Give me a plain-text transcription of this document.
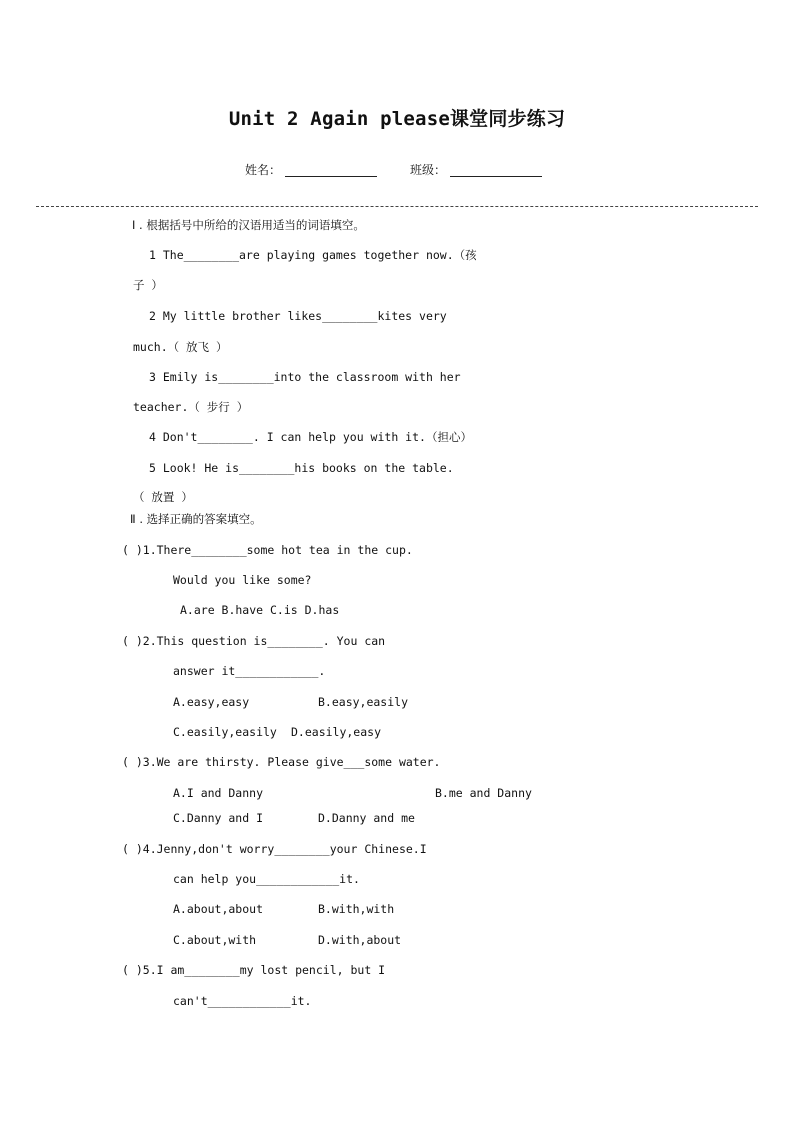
Unit 2 Again please课堂同步练习
姓名：	班级：
Ⅰ . 根据括号中所给的汉语用适当的词语填空。
1 The________are playing games together now.（孩
子 ）
2 My little brother likes________kites very
much.（ 放飞 ）
3 Emily is________into the classroom with her
teacher.（ 步行 ）
4 Don't________. I can help you with it.（担心）
5 Look! He is________his books on the table.
（ 放置 ）
Ⅱ . 选择正确的答案填空。
( )1.There________some hot tea in the cup.
Would you like some?
A.are B.have C.is D.has
( )2.This question is________. You can
answer it____________.
A.easy,easy	B.easy,easily
C.easily,easily D.easily,easy
( )3.We are thirsty. Please give___some water.
A.I and Danny	B.me and Danny
C.Danny and I	D.Danny and me
( )4.Jenny,don't worry________your Chinese.I
can help you____________it.
A.about,about	B.with,with
C.about,with	D.with,about
( )5.I am________my lost pencil, but I
can't____________it.
